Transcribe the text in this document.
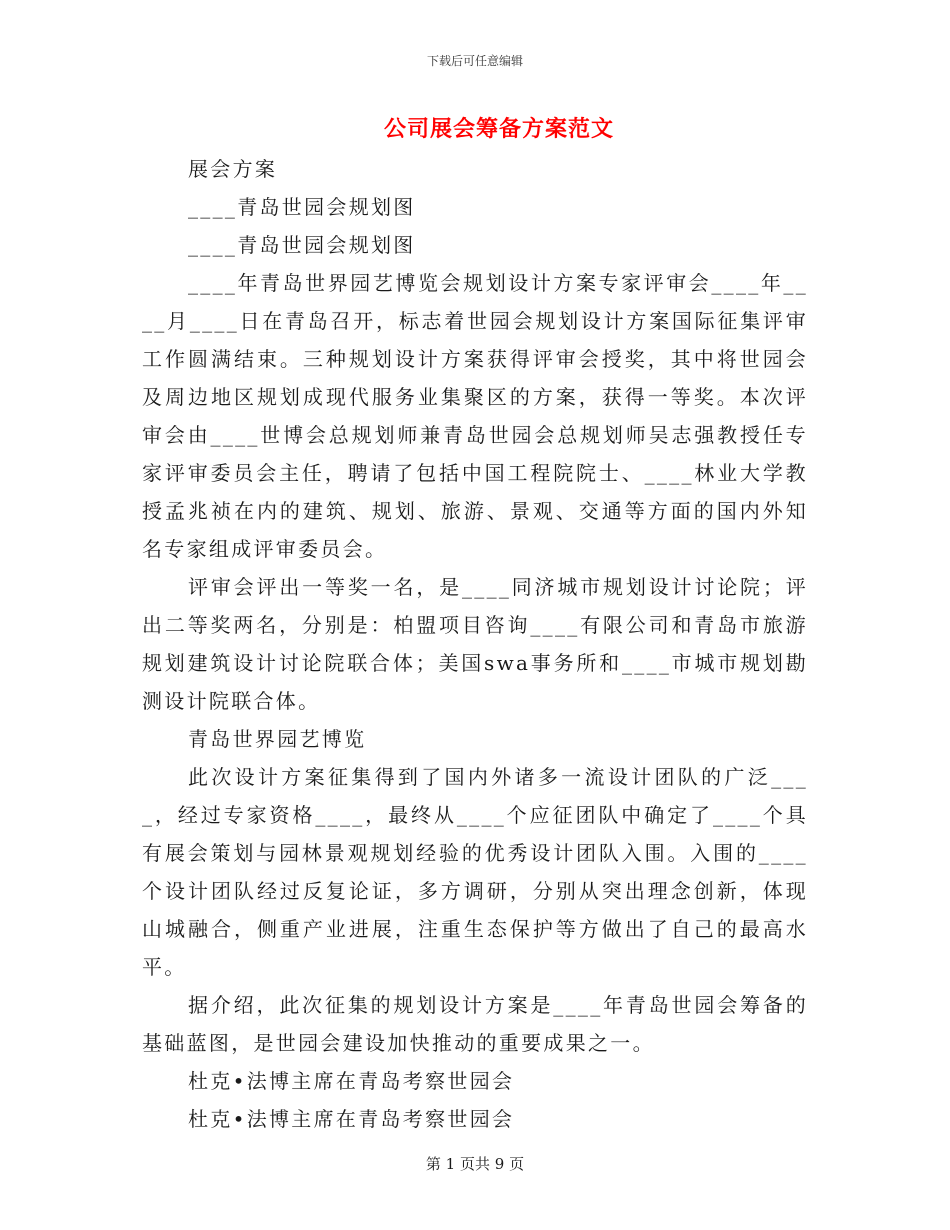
下载后可任意编辑
公司展会筹备方案范文

展会方案

____青岛世园会规划图

____青岛世园会规划图

____年青岛世界园艺博览会规划设计方案专家评审会____年____月____日在青岛召开，标志着世园会规划设计方案国际征集评审工作圆满结束。三种规划设计方案获得评审会授奖，其中将世园会及周边地区规划成现代服务业集聚区的方案，获得一等奖。本次评审会由____世博会总规划师兼青岛世园会总规划师吴志强教授任专家评审委员会主任，聘请了包括中国工程院院士、____林业大学教授孟兆祯在内的建筑、规划、旅游、景观、交通等方面的国内外知名专家组成评审委员会。

评审会评出一等奖一名，是____同济城市规划设计讨论院；评出二等奖两名，分别是：柏盟项目咨询____有限公司和青岛市旅游规划建筑设计讨论院联合体；美国swa事务所和____市城市规划勘测设计院联合体。

青岛世界园艺博览

此次设计方案征集得到了国内外诸多一流设计团队的广泛____，经过专家资格____，最终从____个应征团队中确定了____个具有展会策划与园林景观规划经验的优秀设计团队入围。入围的____个设计团队经过反复论证，多方调研，分别从突出理念创新，体现山城融合，侧重产业进展，注重生态保护等方做出了自己的最高水平。

据介绍，此次征集的规划设计方案是____年青岛世园会筹备的基础蓝图，是世园会建设加快推动的重要成果之一。

杜克•法博主席在青岛考察世园会

杜克•法博主席在青岛考察世园会

第 1 页共 9 页
